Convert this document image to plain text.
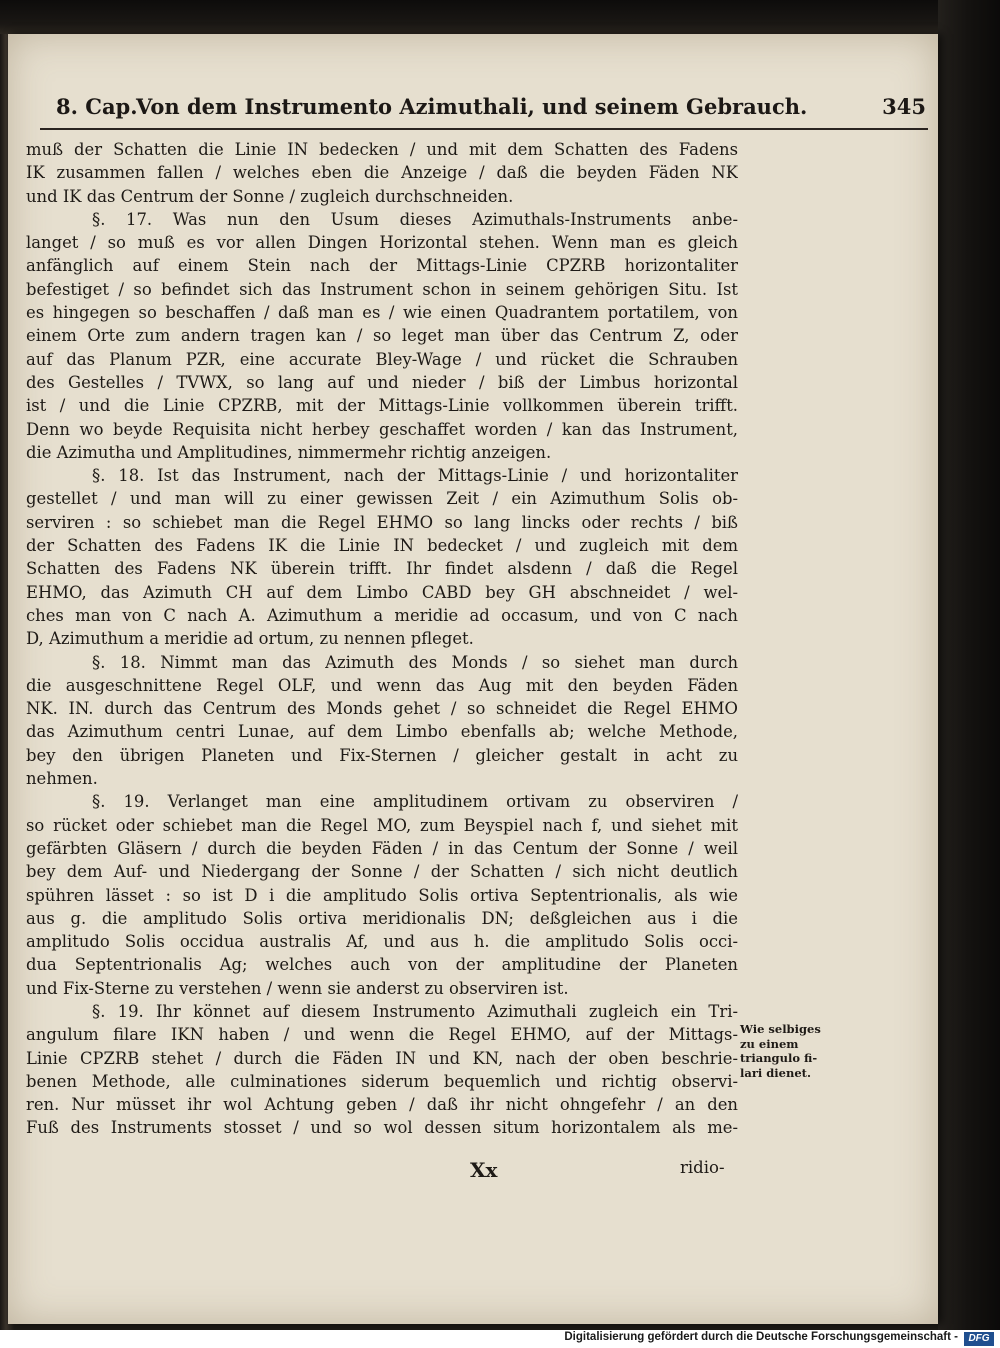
8. Cap.
Von dem Instrumento Azimuthali, und seinem Gebrauch.	345
muß der Schatten die Linie IN bedecken / und mit dem Schatten des Fadens
IK zusammen fallen / welches eben die Anzeige / daß die beyden Fäden NK
und IK das Centrum der Sonne / zugleich durchschneiden.
§. 17. Was nun den Usum dieses Azimuthals-Instruments anbe-
langet / so muß es vor allen Dingen Horizontal stehen. Wenn man es gleich
anfänglich auf einem Stein nach der Mittags-Linie CPZRB horizontaliter
befestiget / so befindet sich das Instrument schon in seinem gehörigen Situ. Ist
es hingegen so beschaffen / daß man es / wie einen Quadrantem portatilem, von
einem Orte zum andern tragen kan / so leget man über das Centrum Z, oder
auf das Planum PZR, eine accurate Bley-Wage / und rücket die Schrauben
des Gestelles / TVWX, so lang auf und nieder / biß der Limbus horizontal
ist / und die Linie CPZRB, mit der Mittags-Linie vollkommen überein trifft.
Denn wo beyde Requisita nicht herbey geschaffet worden / kan das Instrument,
die Azimutha und Amplitudines, nimmermehr richtig anzeigen.
§. 18. Ist das Instrument, nach der Mittags-Linie / und horizontaliter
gestellet / und man will zu einer gewissen Zeit / ein Azimuthum Solis ob-
serviren : so schiebet man die Regel EHMO so lang lincks oder rechts / biß
der Schatten des Fadens IK die Linie IN bedecket / und zugleich mit dem
Schatten des Fadens NK überein trifft. Ihr findet alsdenn / daß die Regel
EHMO, das Azimuth CH auf dem Limbo CABD bey GH abschneidet / wel-
ches man von C nach A. Azimuthum a meridie ad occasum, und von C nach
D, Azimuthum a meridie ad ortum, zu nennen pfleget.
§. 18. Nimmt man das Azimuth des Monds / so siehet man durch
die ausgeschnittene Regel OLF, und wenn das Aug mit den beyden Fäden
NK. IN. durch das Centrum des Monds gehet / so schneidet die Regel EHMO
das Azimuthum centri Lunae, auf dem Limbo ebenfalls ab; welche Methode,
bey den übrigen Planeten und Fix-Sternen / gleicher gestalt in acht zu
nehmen.
§. 19. Verlanget man eine amplitudinem ortivam zu observiren /
so rücket oder schiebet man die Regel MO, zum Beyspiel nach f, und siehet mit
gefärbten Gläsern / durch die beyden Fäden / in das Centum der Sonne / weil
bey dem Auf- und Niedergang der Sonne / der Schatten / sich nicht deutlich
spühren lässet : so ist D i die amplitudo Solis ortiva Septentrionalis, als wie
aus g. die amplitudo Solis ortiva meridionalis DN; deßgleichen aus i die
amplitudo Solis occidua australis Af, und aus h. die amplitudo Solis occi-
dua Septentrionalis Ag; welches auch von der amplitudine der Planeten
und Fix-Sterne zu verstehen / wenn sie anderst zu observiren ist.
§. 19. Ihr könnet auf diesem Instrumento Azimuthali zugleich ein Tri-
angulum filare IKN haben / und wenn die Regel EHMO, auf der Mittags-
Linie CPZRB stehet / durch die Fäden IN und KN, nach der oben beschrie-
benen Methode, alle culminationes siderum bequemlich und richtig observi-
ren. Nur müsset ihr wol Achtung geben / daß ihr nicht ohngefehr / an den
Fuß des Instruments stosset / und so wol dessen situm horizontalem als me-
Wie selbiges
zu einem
triangulo fi-
lari dienet.
Xx	ridio-
Digitalisierung gefördert durch die Deutsche Forschungsgemeinschaft -	DFG
